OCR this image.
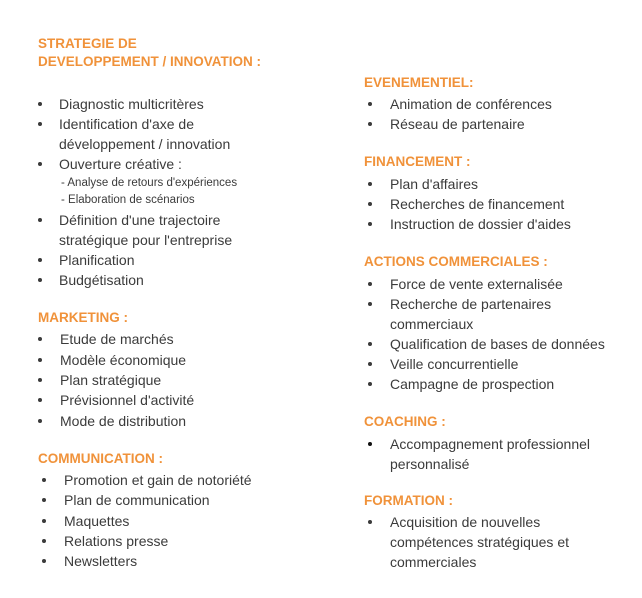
STRATEGIE DE
DEVELOPPEMENT / INNOVATION :
Diagnostic multicritères
Identification d'axe de
développement / innovation
Ouverture créative :
- Analyse de retours d'expériences
- Elaboration de scénarios
Définition d'une trajectoire
stratégique pour l'entreprise
Planification
Budgétisation
MARKETING :
Etude de marchés
Modèle économique
Plan stratégique
Prévisionnel d'activité
Mode de distribution
COMMUNICATION :
Promotion et gain de notoriété
Plan de communication
Maquettes
Relations presse
Newsletters
EVENEMENTIEL:
Animation de conférences
Réseau de partenaire
FINANCEMENT :
Plan d'affaires
Recherches de financement
Instruction de dossier d'aides
ACTIONS COMMERCIALES :
Force de vente externalisée
Recherche de partenaires
commerciaux
Qualification de bases de données
Veille concurrentielle
Campagne de prospection
COACHING :
Accompagnement professionnel
personnalisé
FORMATION :
Acquisition de nouvelles
compétences stratégiques et
commerciales
